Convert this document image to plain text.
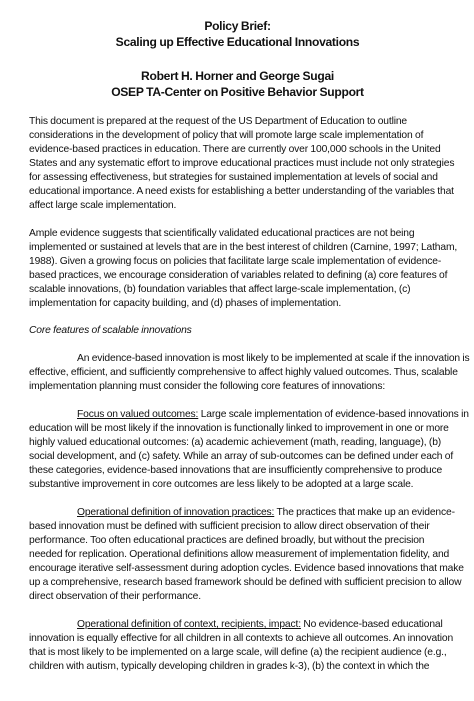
Policy Brief:
Scaling up Effective Educational Innovations
Robert H. Horner and George Sugai
OSEP TA-Center on Positive Behavior Support

This document is prepared at the request of the US Department of Education to outline
considerations in the development of policy that will promote large scale implementation of
evidence-based practices in education. There are currently over 100,000 schools in the United
States and any systematic effort to improve educational practices must include not only strategies
for assessing effectiveness, but strategies for sustained implementation at levels of social and
educational importance. A need exists for establishing a better understanding of the variables that
affect large scale implementation.

Ample evidence suggests that scientifically validated educational practices are not being
implemented or sustained at levels that are in the best interest of children (Carnine, 1997; Latham,
1988). Given a growing focus on policies that facilitate large scale implementation of evidence-
based practices, we encourage consideration of variables related to defining (a) core features of
scalable innovations, (b) foundation variables that affect large-scale implementation, (c)
implementation for capacity building, and (d) phases of implementation.

Core features of scalable innovations

An evidence-based innovation is most likely to be implemented at scale if the innovation is
effective, efficient, and sufficiently comprehensive to affect highly valued outcomes. Thus, scalable
implementation planning must consider the following core features of innovations:

Focus on valued outcomes: Large scale implementation of evidence-based innovations in
education will be most likely if the innovation is functionally linked to improvement in one or more
highly valued educational outcomes: (a) academic achievement (math, reading, language), (b)
social development, and (c) safety. While an array of sub-outcomes can be defined under each of
these categories, evidence-based innovations that are insufficiently comprehensive to produce
substantive improvement in core outcomes are less likely to be adopted at a large scale.

Operational definition of innovation practices: The practices that make up an evidence-
based innovation must be defined with sufficient precision to allow direct observation of their
performance. Too often educational practices are defined broadly, but without the precision
needed for replication. Operational definitions allow measurement of implementation fidelity, and
encourage iterative self-assessment during adoption cycles. Evidence based innovations that make
up a comprehensive, research based framework should be defined with sufficient precision to allow
direct observation of their performance.

Operational definition of context, recipients, impact: No evidence-based educational
innovation is equally effective for all children in all contexts to achieve all outcomes. An innovation
that is most likely to be implemented on a large scale, will define (a) the recipient audience (e.g.,
children with autism, typically developing children in grades k-3), (b) the context in which the
